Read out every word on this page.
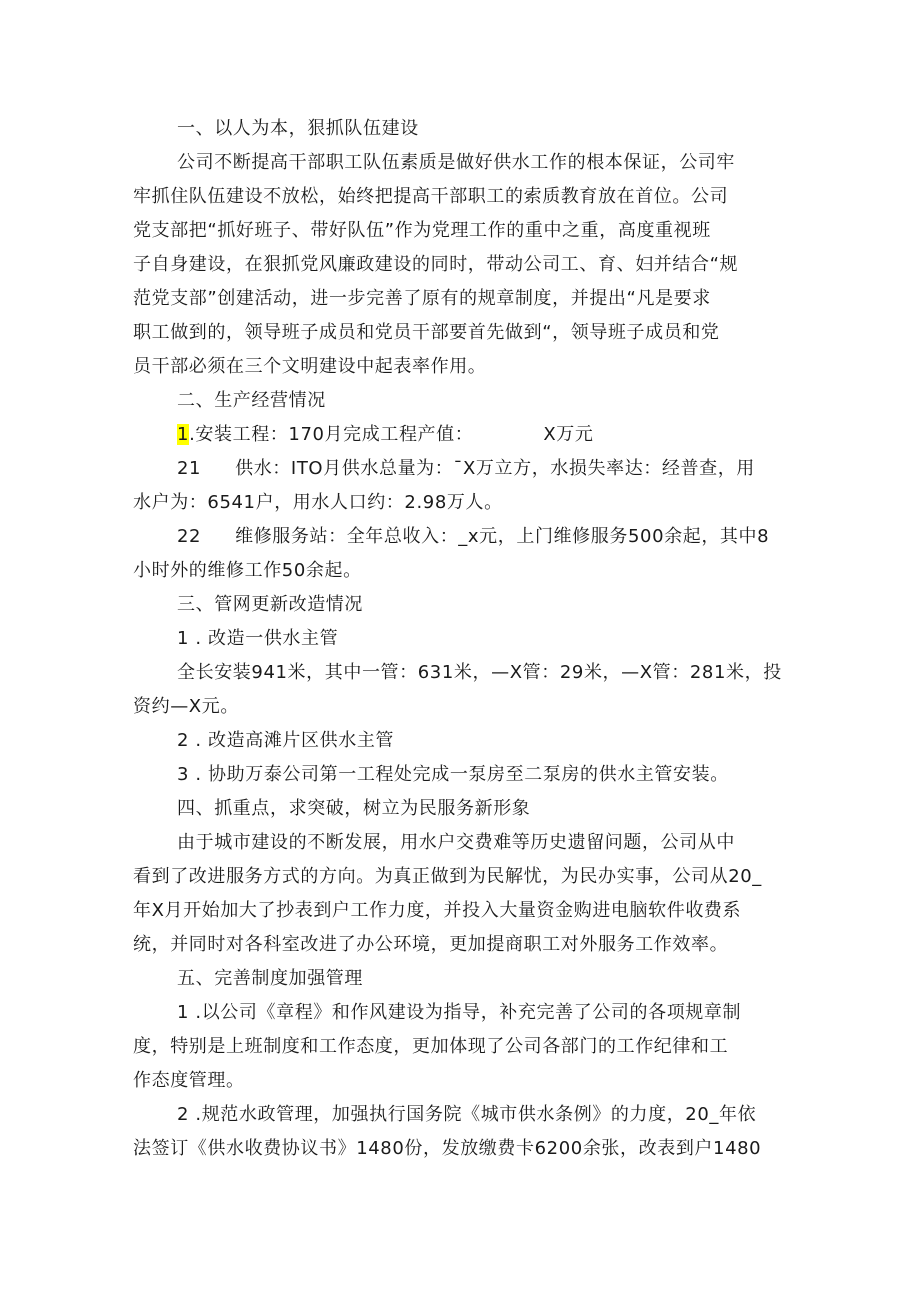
一、以人为本，狠抓队伍建设
公司不断提高干部职工队伍素质是做好供水工作的根本保证，公司牢
牢抓住队伍建设不放松，始终把提高干部职工的索质教育放在首位。公司
党支部把“抓好班子、带好队伍”作为党理工作的重中之重，高度重视班
子自身建设，在狠抓党风廉政建设的同时，带动公司工、育、妇并结合“规
范党支部”创建活动，进一步完善了原有的规章制度，并提出“凡是要求
职工做到的，领导班子成员和党员干部要首先做到“，领导班子成员和党
员干部必须在三个文明建设中起表率作用。
二、生产经营情况
1.安装工程：170月完成工程产值：	X万元
21 供水：ITO月供水总量为：¯X万立方，水损失率达：经普查，用
水户为：6541户，用水人口约：2.98万人。
22 维修服务站：全年总收入：_x元，上门维修服务500余起，其中8
小时外的维修工作50余起。
三、管网更新改造情况
1 . 改造一供水主管
全长安装941米，其中一管：631米，—X管：29米，—X管：281米，投
资约—X元。
2 . 改造高滩片区供水主管
3 . 协助万泰公司第一工程处完成一泵房至二泵房的供水主管安装。
四、抓重点，求突破，树立为民服务新形象
由于城市建设的不断发展，用水户交费难等历史遗留问题，公司从中
看到了改进服务方式的方向。为真正做到为民解忧，为民办实事，公司从20_
年X月开始加大了抄表到户工作力度，并投入大量资金购进电脑软件收费系
统，并同时对各科室改进了办公环境，更加提商职工对外服务工作效率。
五、完善制度加强管理
1 .以公司《章程》和作风建设为指导，补充完善了公司的各项规章制
度，特别是上班制度和工作态度，更加体现了公司各部门的工作纪律和工
作态度管理。
2 .规范水政管理，加强执行国务院《城市供水条例》的力度，20_年依
法签订《供水收费协议书》1480份，发放缴费卡6200余张，改表到户1480
